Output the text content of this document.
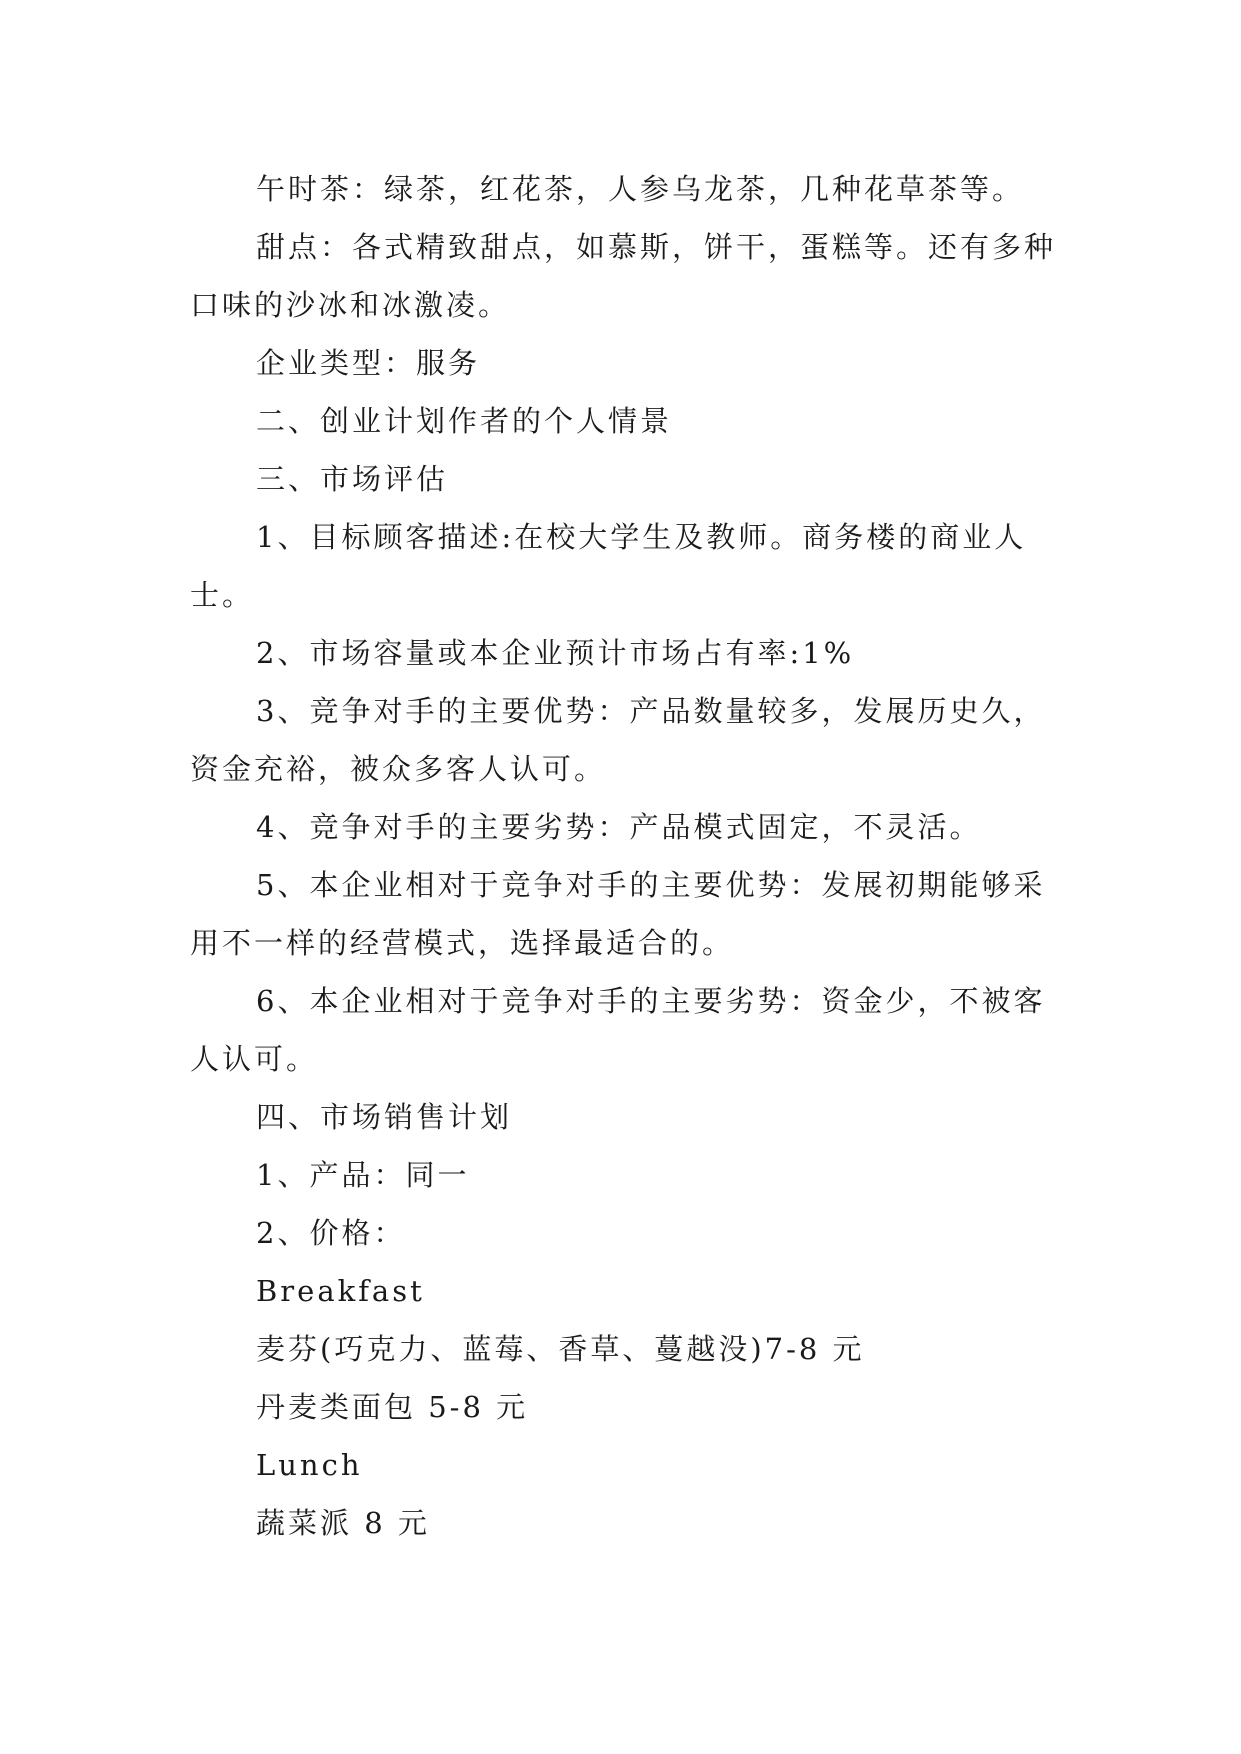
午时茶：绿茶，红花茶，人参乌龙茶，几种花草茶等。

甜点：各式精致甜点，如慕斯，饼干，蛋糕等。还有多种口味的沙冰和冰激凌。

企业类型：服务

二、创业计划作者的个人情景

三、市场评估

1、目标顾客描述:在校大学生及教师。商务楼的商业人士。

2、市场容量或本企业预计市场占有率:1%

3、竞争对手的主要优势：产品数量较多，发展历史久，资金充裕，被众多客人认可。

4、竞争对手的主要劣势：产品模式固定，不灵活。

5、本企业相对于竞争对手的主要优势：发展初期能够采用不一样的经营模式，选择最适合的。

6、本企业相对于竞争对手的主要劣势：资金少，不被客人认可。

四、市场销售计划

1、产品：同一

2、价格：

Breakfast

麦芬(巧克力、蓝莓、香草、蔓越没)7-8 元

丹麦类面包 5-8 元

Lunch

蔬菜派 8 元
